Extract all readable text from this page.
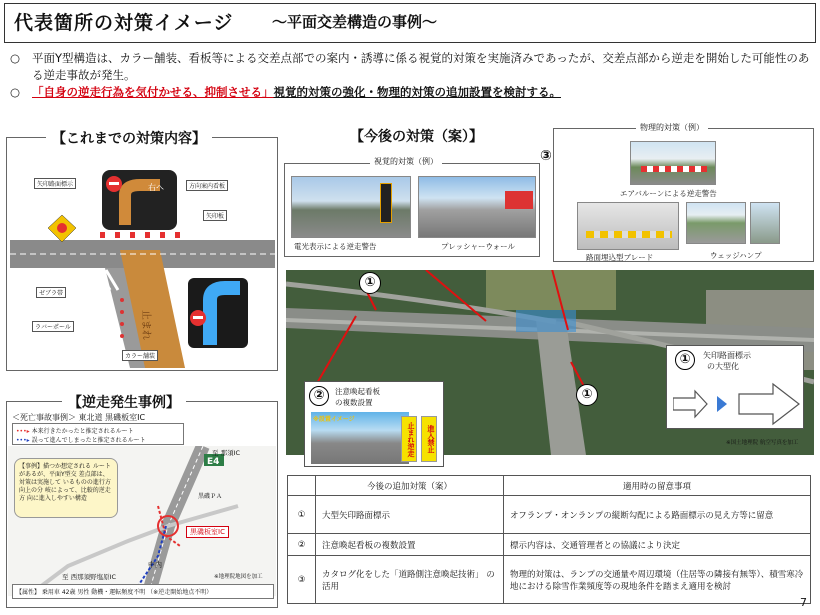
代表箇所の対策イメージ	～平面交差構造の事例～
○	平面Y型構造は、カラー舗装、看板等による交差点部での案内・誘導に係る視覚的対策を実施済みであったが、交差点部から逆走を開始した可能性のある逆走事故が発生。
○	「自身の逆走行為を気付かせる、抑制させる」視覚的対策の強化・物理的対策の追加設置を検討する。
【これまでの対策内容】
右へ
止まれ
矢印路面標示	方向案内看板
矢印板
ゼブラ帯
ラバーポール
カラー舗装
【逆走発生事例】
＜死亡事故事例＞ 東北道 黒磯板室IC
•••▸ 本来行きたかったと推定されるルート
•••▸ 誤って進んでしまったと推定されるルート
E4
至 那須IC
【事例】描つか想定される ルートがあるが、平面Y型交 差点部は、対策は実施して いるものの進行方向上の分 岐によって、比較的逆走方 向に進入しやすい構造	黒磯ＰＡ
黒磯板室IC
中内
至 西那須野塩原IC	※地理院地図を加工
【属性】 乗用車 42歳 男性 動機・運転頻度不明 （※逆走開始地点不明）
【今後の対策（案）】
視覚的対策（例）
電光表示による逆走警告	プレッシャーウォール
③
物理的対策（例）
エアバルーンによる逆走警告
路面埋込型ブレード	ウェッジハンプ
①
①
①	矢印路面標示
の大型化
②	注意喚起看板
の複数設置
※設置イメージ
止まれ逆走	進入禁止	※国土地理院 航空写真を加工
	今後の追加対策（案）	適用時の留意事項
①	大型矢印路面標示	オフランプ・オンランプの縦断勾配による路面標示の見え方等に留意
②	注意喚起看板の複数設置	標示内容は、交通管理者との協議により決定
③	カタログ化をした「道路側注意喚起技術」 の活用	物理的対策は、ランプの交通量や周辺環境（住居等の隣接有無等）、積雪寒冷地における除雪作業頻度等の現地条件を踏まえ適用を検討
7
